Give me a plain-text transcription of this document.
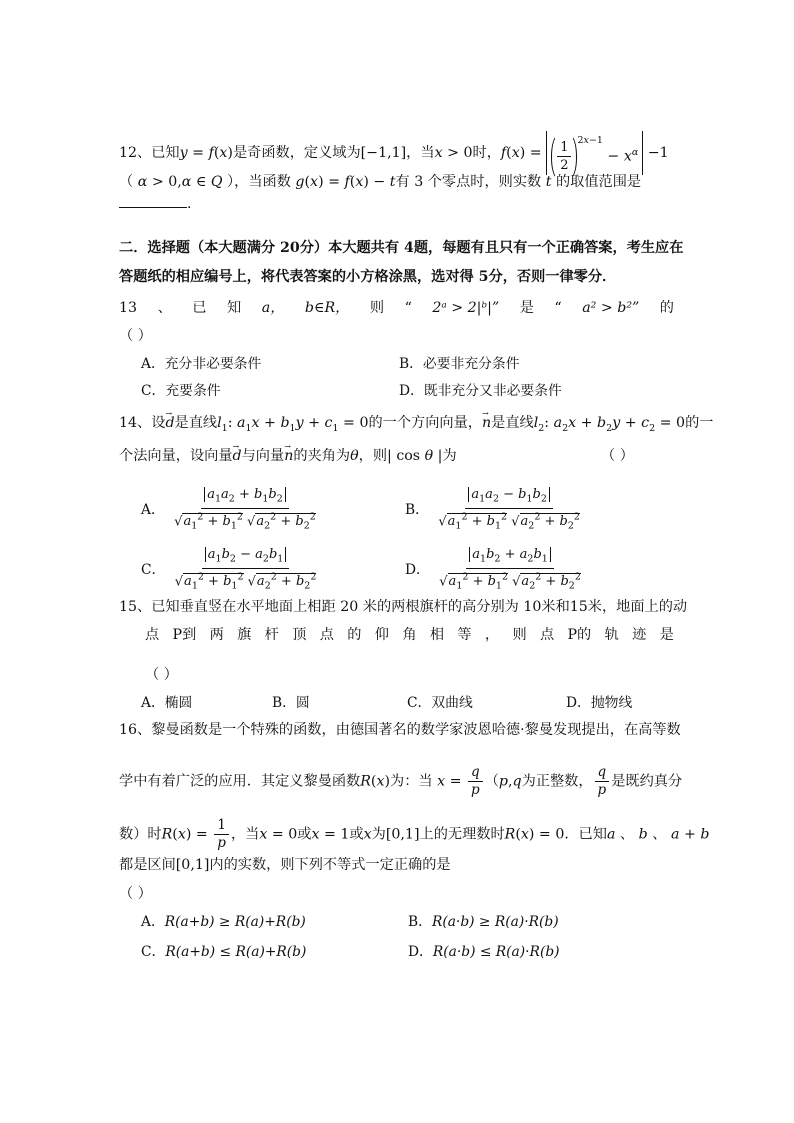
12、已知y = f(x)是奇函数，定义域为[−1,1]，当x > 0时，$f(x) = \frac{1}{2} ^{2x-1} - x^\alpha -1$
（ α > 0,α ∈ Q ），当函数 g(x) = f(x) − t有 3 个零点时，则实数 t 的取值范围是
.
二．选择题（本大题满分 20分）本大题共有 4题，每题有且只有一个正确答案，考生应在
答题纸的相应编号上，将代表答案的小方格涂黑，选对得 5分，否则一律零分．
13 、 已 知 a， b∈R， 则 “ 2ᵃ > 2|ᵇ|” 是 “ a² > b²” 的
（ ）
A．充分非必要条件	B．必要非充分条件
C．充要条件	D．既非充分又非必要条件
14、设→ d是直线$l_1$: $a_1x + b_1y + c_1 = 0$的一个方向向量，→ n是直线$l_2$: $a_2x + b_2y + c_2 = 0$的一
个法向量，设向量→ d与向量→ n的夹角为θ，则| cos θ |为	（ ）
A． $\frac{a_1a_2 + b_1b_2}{√a_1^2 + b_1^2 √a_2^2 + b_2^2}$	B． $\frac{a_1a_2 - b_1b_2}{√a_1^2 + b_1^2 √a_2^2 + b_2^2}$
C． $\frac{a_1b_2 - a_2b_1}{√a_1^2 + b_1^2 √a_2^2 + b_2^2}$	D． $\frac{a_1b_2 + a_2b_1}{√a_1^2 + b_1^2 √a_2^2 + b_2^2}$
15、已知垂直竖在水平地面上相距 20 米的两根旗杆的高分别为 10米和15米，地面上的动
点 P到 两 旗 杆 顶 点 的 仰 角 相 等 ， 则 点 P的 轨 迹 是
（ ）
A．椭圆	B．圆	C．双曲线	D．抛物线
16、黎曼函数是一个特殊的函数，由德国著名的数学家波恩哈德·黎曼发现提出，在高等数
学中有着广泛的应用．其定义黎曼函数R(x)为：当 $x = \frac{q}{p} (p,q$为正整数， $\frac{q}{p}$ 是既约真分
数）时$R(x) = \frac{1}{p}$ ，当x = 0或x = 1或x为[0,1]上的无理数时R(x) = 0．已知a 、 b 、 a + b
都是区间[0,1]内的实数，则下列不等式一定正确的是
（ ）
A．R(a+b) ≥ R(a)+R(b)	B．R(a·b) ≥ R(a)·R(b)
C．R(a+b) ≤ R(a)+R(b)	D．R(a·b) ≤ R(a)·R(b)
